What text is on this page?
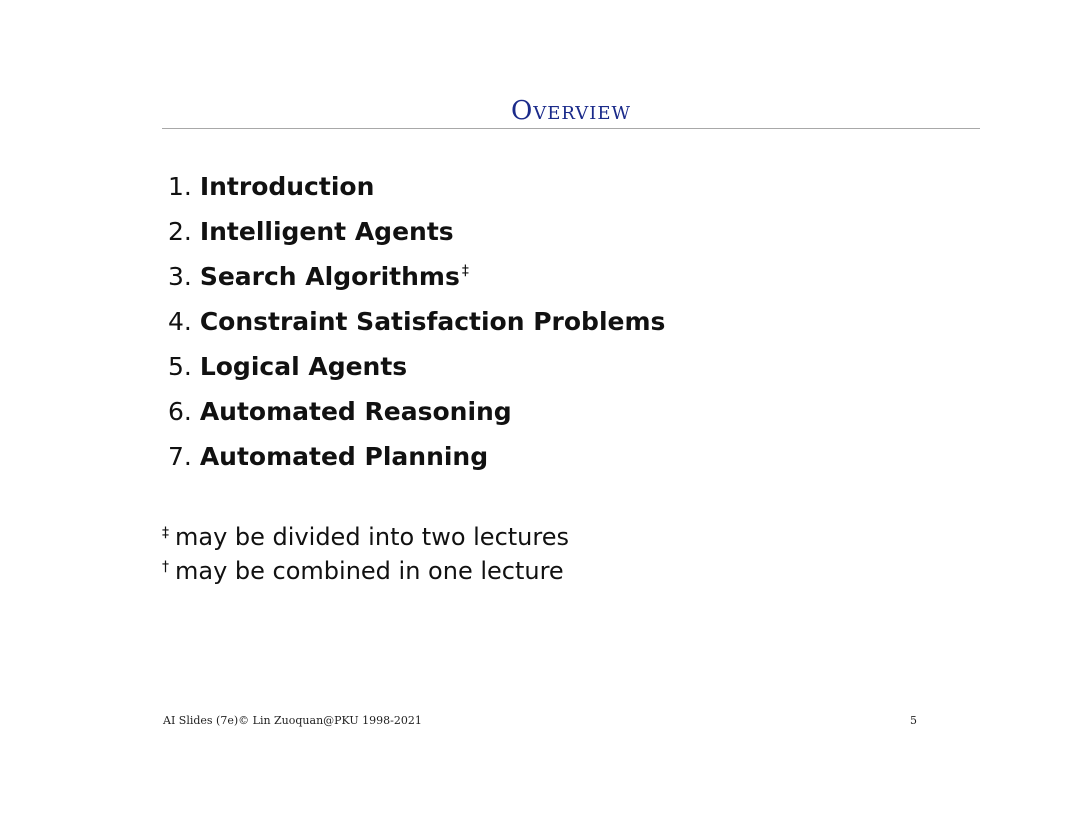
Overview
1. Introduction
2. Intelligent Agents
3. Search Algorithms ‡
4. Constraint Satisfaction Problems
5. Logical Agents
6. Automated Reasoning
7. Automated Planning
‡ may be divided into two lectures
† may be combined in one lecture
AI Slides (7e)© Lin Zuoquan@PKU 1998-2021	5
